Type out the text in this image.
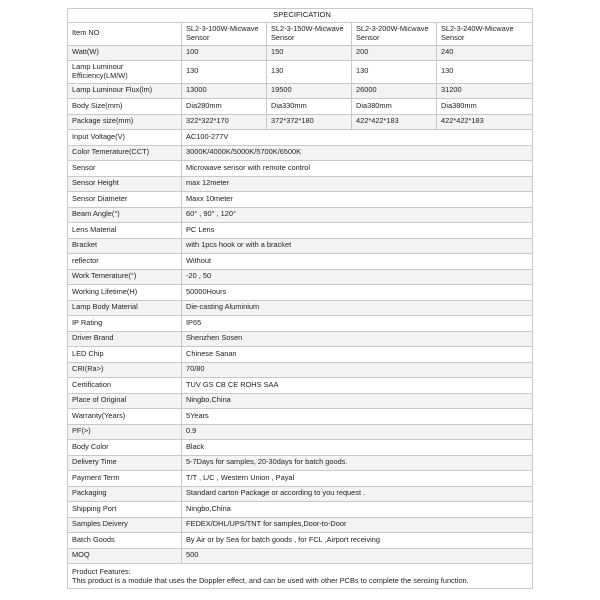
SPECIFICATION				
Item NO	SL2-3-100W-Micwave Sensor	SL2-3-150W-Micwave Sensor	SL2-3-200W-Micwave Sensor	SL2-3-240W-Micwave Sensor
Watt(W)	100	150	200	240
Lamp Luminour Efficiency(LM/W)	130	130	130	130
Lamp Luminour Flux(lm)	13000	19500	26000	31200
Body Size(mm)	Dia280mm	Dia330mm	Dia380mm	Dia380mm
Package size(mm)	322*322*170	372*372*180	422*422*183	422*422*183
Input Voltage(V)	AC100-277V			
Color Temerature(CCT)	3000K/4000K/5000K/5700K/6500K			
Sensor	Microwave sensor with remote control			
Sensor Height	max 12meter			
Sensor Diameter	Maxx 10meter			
Beam Angle(°)	60° , 90° , 120°			
Lens Material	PC Lens			
Bracket	with 1pcs hook or with a bracket			
reflector	Without			
Work Temerature(°)	-20 , 50			
Working Lifetime(H)	50000Hours			
Lamp Body Material	Die-casting Aluminium			
IP Rating	IP65			
Driver Brand	Shenzhen Sosen			
LED Chip	Chinese Sanan			
CRI(Ra>)	70/80			
Certification	TUV GS CB CE ROHS SAA			
Place of Original	Ningbo,China			
Warranty(Years)	5Years			
PF(>)	0.9			
Body Color	Black			
Delivery Time	5-7Days for samples, 20-30days for batch goods.			
Payment Term	T/T , L/C , Western Union , Payal			
Packaging	Standard carton Package or according to you request .			
Shipping Port	Ningbo,China			
Samples Deivery	FEDEX/DHL/UPS/TNT for samples,Door-to-Door			
Batch Goods	By Air or by Sea for batch goods , for FCL ,Airport receiving			
MOQ	500			

Product Features:
This product is a module that uses the Doppler effect, and can be used with other PCBs to complete the sensing function.				
